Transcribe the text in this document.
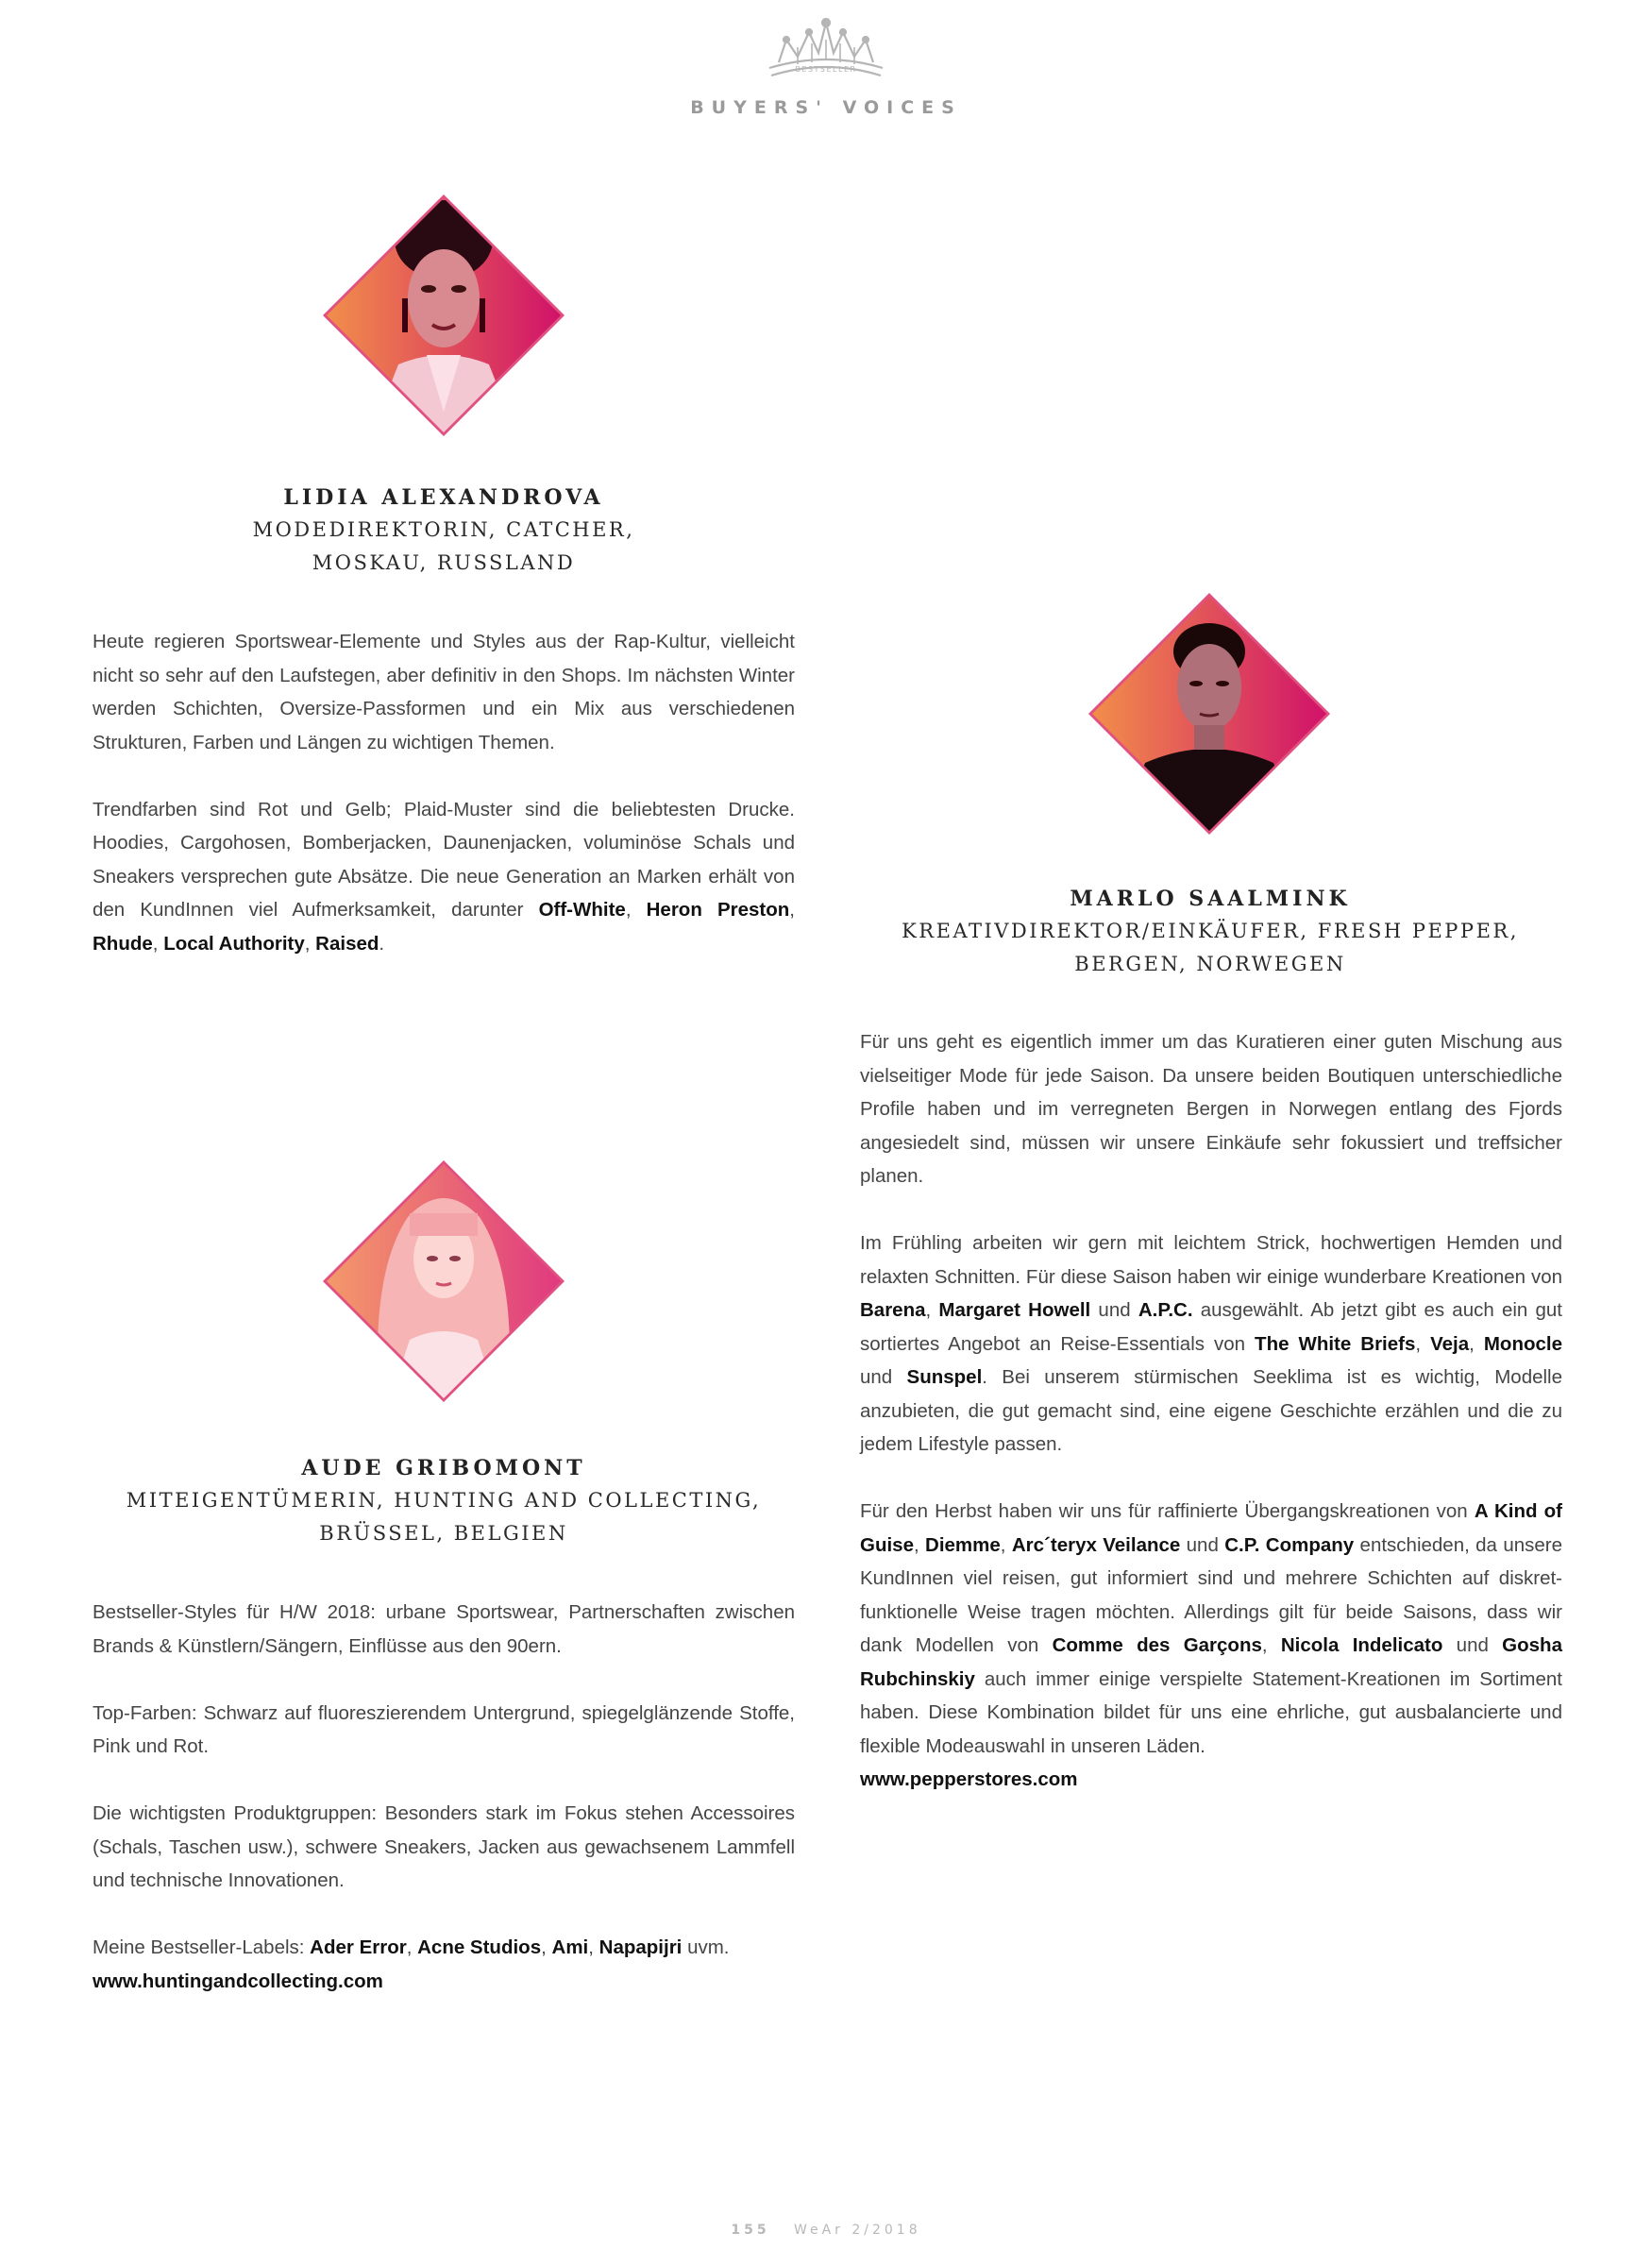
BESTSELLER
BUYERS' VOICES
LIDIA ALEXANDROVA
MODEDIREKTORIN, CATCHER,
MOSKAU, RUSSLAND

Heute regieren Sportswear-Elemente und Styles aus der Rap-Kultur, vielleicht nicht so sehr auf den Laufstegen, aber definitiv in den Shops. Im nächsten Winter werden Schichten, Oversize-Passformen und ein Mix aus verschiedenen Strukturen, Farben und Längen zu wichtigen Themen.

Trendfarben sind Rot und Gelb; Plaid-Muster sind die beliebtesten Drucke. Hoodies, Cargohosen, Bomberjacken, Daunenjacken, voluminöse Schals und Sneakers versprechen gute Absätze. Die neue Generation an Marken erhält von den KundInnen viel Aufmerksamkeit, darunter Off-White, Heron Preston, Rhude, Local Authority, Raised.

MARLO SAALMINK
KREATIVDIREKTOR/EINKÄUFER, FRESH PEPPER,
BERGEN, NORWEGEN

Für uns geht es eigentlich immer um das Kuratieren einer guten Mischung aus vielseitiger Mode für jede Saison. Da unsere beiden Boutiquen unterschiedliche Profile haben und im verregneten Bergen in Norwegen entlang des Fjords angesiedelt sind, müssen wir unsere Einkäufe sehr fokussiert und treffsicher planen.

Im Frühling arbeiten wir gern mit leichtem Strick, hochwertigen Hemden und relaxten Schnitten. Für diese Saison haben wir einige wunderbare Kreationen von Barena, Margaret Howell und A.P.C. ausgewählt. Ab jetzt gibt es auch ein gut sortiertes Angebot an Reise-Essentials von The White Briefs, Veja, Monocle und Sunspel. Bei unserem stürmischen Seeklima ist es wichtig, Modelle anzubieten, die gut gemacht sind, eine eigene Geschichte erzählen und die zu jedem Lifestyle passen.

Für den Herbst haben wir uns für raffinierte Übergangskreationen von A Kind of Guise, Diemme, Arc´teryx Veilance und C.P. Company entschieden, da unsere KundInnen viel reisen, gut informiert sind und mehrere Schichten auf diskret-funktionelle Weise tragen möchten. Allerdings gilt für beide Saisons, dass wir dank Modellen von Comme des Garçons, Nicola Indelicato und Gosha Rubchinskiy auch immer einige verspielte Statement-Kreationen im Sortiment haben. Diese Kombination bildet für uns eine ehrliche, gut ausbalancierte und flexible Modeauswahl in unseren Läden.
www.pepperstores.com

AUDE GRIBOMONT
MITEIGENTÜMERIN, HUNTING AND COLLECTING,
BRÜSSEL, BELGIEN

Bestseller-Styles für H/W 2018: urbane Sportswear, Partnerschaften zwischen Brands & Künstlern/Sängern, Einflüsse aus den 90ern.

Top-Farben: Schwarz auf fluoreszierendem Untergrund, spiegelglänzende Stoffe, Pink und Rot.

Die wichtigsten Produktgruppen: Besonders stark im Fokus stehen Accessoires (Schals, Taschen usw.), schwere Sneakers, Jacken aus gewachsenem Lammfell und technische Innovationen.

Meine Bestseller-Labels: Ader Error, Acne Studios, Ami, Napapijri uvm.
www.huntingandcollecting.com

155 WeAr 2/2018
